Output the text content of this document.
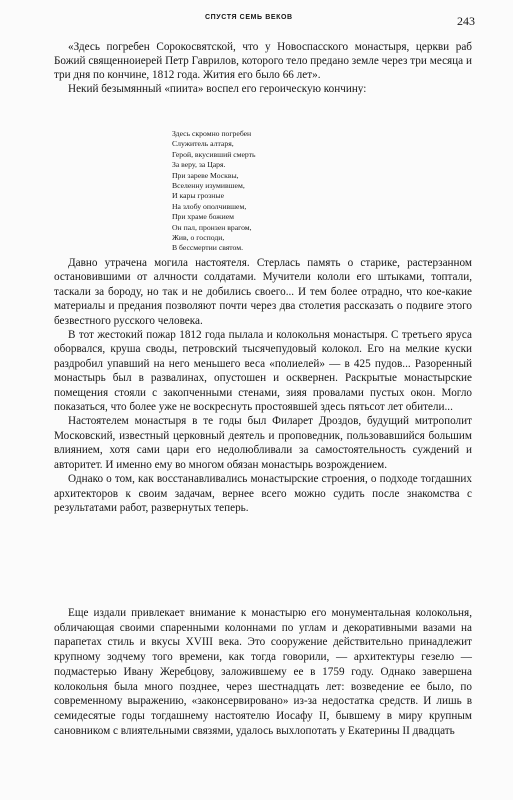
СПУСТЯ СЕМЬ ВЕКОВ	243

«Здесь погребен Сорокосвятской, что у Новоспасского монастыря, церкви раб Божий священноиерей Петр Гаврилов, которого тело предано земле через три месяца и три дня по кончине, 1812 года. Жития его было 66 лет».

Некий безымянный «пиита» воспел его героическую кончину:

Здесь скромно погребен
Служитель алтаря,
Герой, вкусивший смерть
За веру, за Царя.
При зареве Москвы,
Вселенну изумившем,
И кары грозные
На злобу ополчившем,
При храме божием
Он пал, пронзен врагом,
Жив, о господи,
В бессмертии святом.

Давно утрачена могила настоятеля. Стерлась память о старике, растерзанном остановившими от алчности солдатами. Мучители кололи его штыками, топтали, таскали за бороду, но так и не добились своего... И тем более отрадно, что кое-какие материалы и предания позволяют почти через два столетия рассказать о подвиге этого безвестного русского человека.

В тот жестокий пожар 1812 года пылала и колокольня монастыря. С третьего яруса оборвался, круша своды, петровский тысячепудовый колокол. Его на мелкие куски раздробил упавший на него меньшего веса «полиелей» — в 425 пудов... Разоренный монастырь был в развалинах, опустошен и осквернен. Раскрытые монастырские помещения стояли с закопченными стенами, зияя провалами пустых окон. Могло показаться, что более уже не воскреснуть простоявшей здесь пятьсот лет обители...

Настоятелем монастыря в те годы был Филарет Дроздов, будущий митрополит Московский, известный церковный деятель и проповедник, пользовавшийся большим влиянием, хотя сами цари его недолюбливали за самостоятельность суждений и авторитет. И именно ему во многом обязан монастырь возрождением.

Однако о том, как восстанавливались монастырские строения, о подходе тогдашних архитекторов к своим задачам, вернее всего можно судить после знакомства с результатами работ, развернутых теперь.

Еще издали привлекает внимание к монастырю его монументальная колокольня, обличающая своими спаренными колоннами по углам и декоративными вазами на парапетах стиль и вкусы XVIII века. Это сооружение действительно принадлежит крупному зодчему того времени, как тогда говорили, — архитектуры гезелю — подмастерью Ивану Жеребцову, заложившему ее в 1759 году. Однако завершена колокольня была много позднее, через шестнадцать лет: возведение ее было, по современному выражению, «законсервировано» из-за недостатка средств. И лишь в семидесятые годы тогдашнему настоятелю Иосафу II, бывшему в миру крупным сановником с влиятельными связями, удалось выхлопотать у Екатерины II двадцать
